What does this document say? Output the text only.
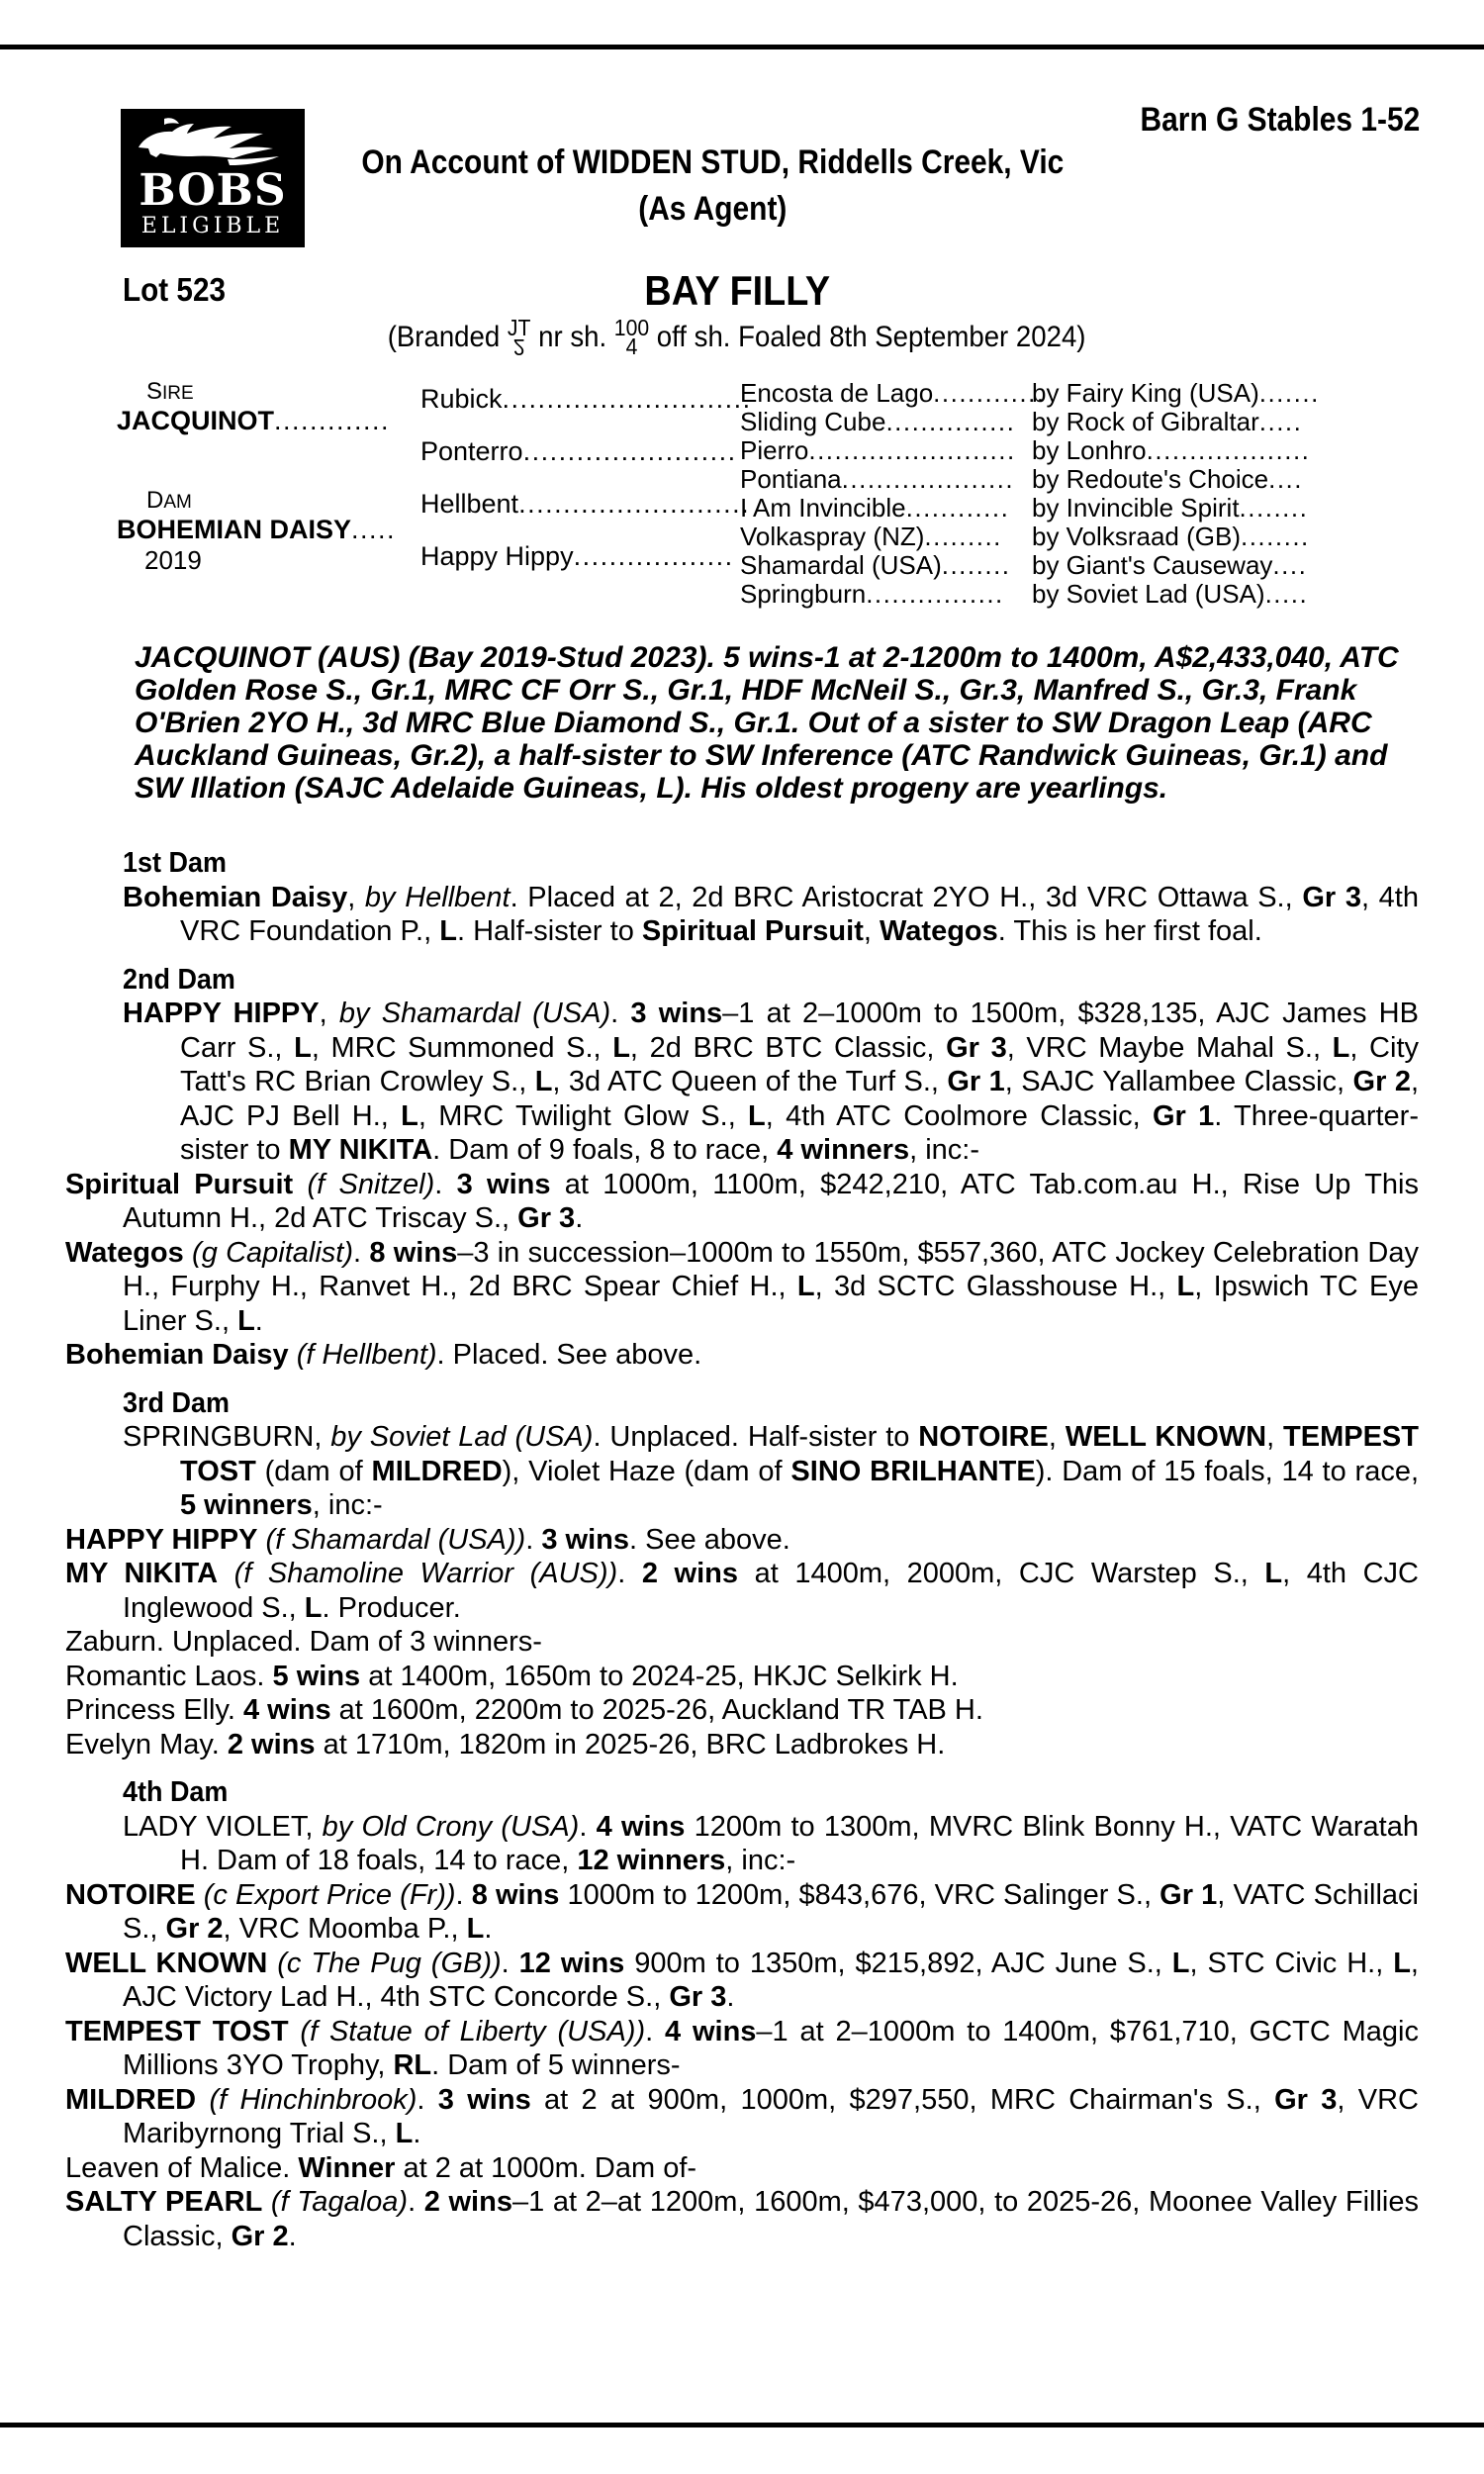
BOBS
ELIGIBLE
Barn G Stables 1-52
On Account of WIDDEN STUD, Riddells Creek, Vic
(As Agent)
Lot 523	BAY FILLY
(Branded JT
2 nr sh. 100
4 off sh. Foaled 8th September 2024)
SIRE
JACQUINOT.............
DAM
BOHEMIAN DAISY.....
2019
Rubick............................
Ponterro........................
Hellbent..........................
Happy Hippy..................
Encosta de Lago.............
Sliding Cube...............
Pierro........................
Pontiana....................
I Am Invincible............
Volkaspray (NZ).........
Shamardal (USA)........
Springburn................
by Fairy King (USA).......
by Rock of Gibraltar.....
by Lonhro...................
by Redoute's Choice....
by Invincible Spirit........
by Volksraad (GB)........
by Giant's Causeway....
by Soviet Lad (USA).....
JACQUINOT (AUS) (Bay 2019-Stud 2023). 5 wins-1 at 2-1200m to 1400m, A$2,433,040, ATC Golden Rose S., Gr.1, MRC CF Orr S., Gr.1, HDF McNeil S., Gr.3, Manfred S., Gr.3, Frank O'Brien 2YO H., 3d MRC Blue Diamond S., Gr.1. Out of a sister to SW Dragon Leap (ARC Auckland Guineas, Gr.2), a half-sister to SW Inference (ATC Randwick Guineas, Gr.1) and SW Illation (SAJC Adelaide Guineas, L). His oldest progeny are yearlings.
1st Dam

Bohemian Daisy, by Hellbent. Placed at 2, 2d BRC Aristocrat 2YO H., 3d VRC Ottawa S., Gr 3, 4th VRC Foundation P., L. Half-sister to Spiritual Pursuit, Wategos. This is her first foal.

2nd Dam

HAPPY HIPPY, by Shamardal (USA). 3 wins–1 at 2–1000m to 1500m, $328,135, AJC James HB Carr S., L, MRC Summoned S., L, 2d BRC BTC Classic, Gr 3, VRC Maybe Mahal S., L, City Tatt's RC Brian Crowley S., L, 3d ATC Queen of the Turf S., Gr 1, SAJC Yallambee Classic, Gr 2, AJC PJ Bell H., L, MRC Twilight Glow S., L, 4th ATC Coolmore Classic, Gr 1. Three-quarter-sister to MY NIKITA. Dam of 9 foals, 8 to race, 4 winners, inc:-

Spiritual Pursuit (f Snitzel). 3 wins at 1000m, 1100m, $242,210, ATC Tab.com.au H., Rise Up This Autumn H., 2d ATC Triscay S., Gr 3.

Wategos (g Capitalist). 8 wins–3 in succession–1000m to 1550m, $557,360, ATC Jockey Celebration Day H., Furphy H., Ranvet H., 2d BRC Spear Chief H., L, 3d SCTC Glasshouse H., L, Ipswich TC Eye Liner S., L.

Bohemian Daisy (f Hellbent). Placed. See above.

3rd Dam

SPRINGBURN, by Soviet Lad (USA). Unplaced. Half-sister to NOTOIRE, WELL KNOWN, TEMPEST TOST (dam of MILDRED), Violet Haze (dam of SINO BRILHANTE). Dam of 15 foals, 14 to race, 5 winners, inc:-

HAPPY HIPPY (f Shamardal (USA)). 3 wins. See above.

MY NIKITA (f Shamoline Warrior (AUS)). 2 wins at 1400m, 2000m, CJC Warstep S., L, 4th CJC Inglewood S., L. Producer.

Zaburn. Unplaced. Dam of 3 winners-

Romantic Laos. 5 wins at 1400m, 1650m to 2024-25, HKJC Selkirk H.

Princess Elly. 4 wins at 1600m, 2200m to 2025-26, Auckland TR TAB H.

Evelyn May. 2 wins at 1710m, 1820m in 2025-26, BRC Ladbrokes H.

4th Dam

LADY VIOLET, by Old Crony (USA). 4 wins 1200m to 1300m, MVRC Blink Bonny H., VATC Waratah H. Dam of 18 foals, 14 to race, 12 winners, inc:-

NOTOIRE (c Export Price (Fr)). 8 wins 1000m to 1200m, $843,676, VRC Salinger S., Gr 1, VATC Schillaci S., Gr 2, VRC Moomba P., L.

WELL KNOWN (c The Pug (GB)). 12 wins 900m to 1350m, $215,892, AJC June S., L, STC Civic H., L, AJC Victory Lad H., 4th STC Concorde S., Gr 3.

TEMPEST TOST (f Statue of Liberty (USA)). 4 wins–1 at 2–1000m to 1400m, $761,710, GCTC Magic Millions 3YO Trophy, RL. Dam of 5 winners-

MILDRED (f Hinchinbrook). 3 wins at 2 at 900m, 1000m, $297,550, MRC Chairman's S., Gr 3, VRC Maribyrnong Trial S., L.

Leaven of Malice. Winner at 2 at 1000m. Dam of-

SALTY PEARL (f Tagaloa). 2 wins–1 at 2–at 1200m, 1600m, $473,000, to 2025-26, Moonee Valley Fillies Classic, Gr 2.
